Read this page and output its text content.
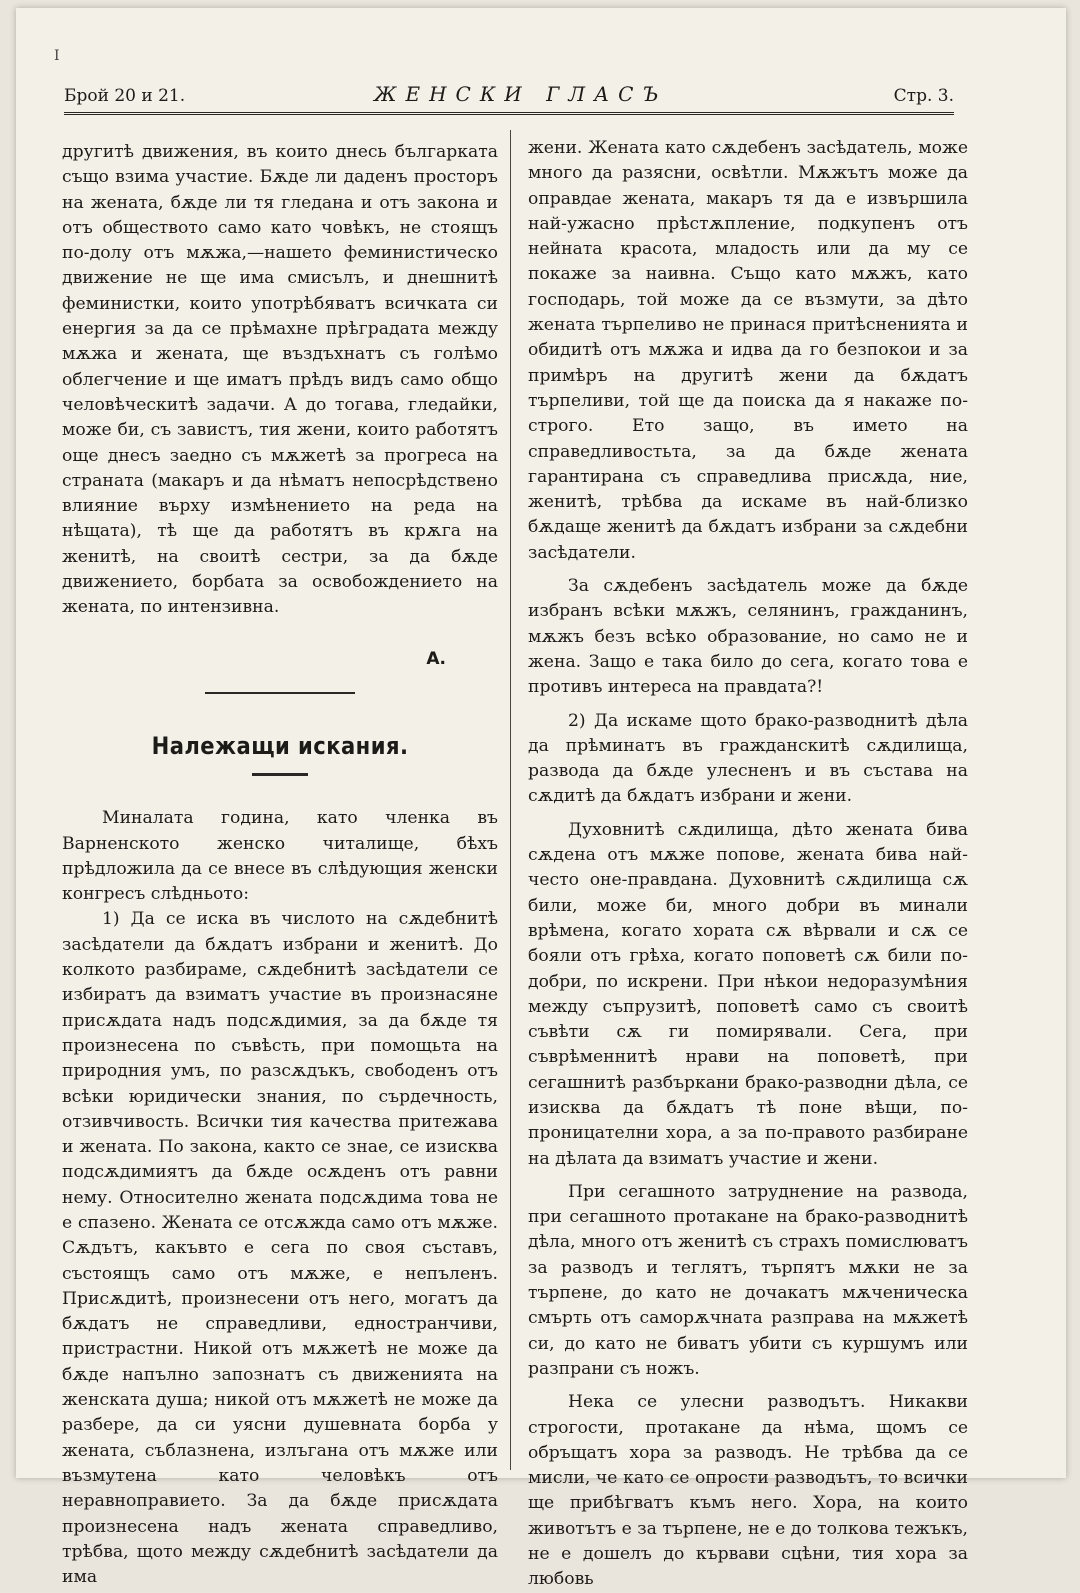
I
Брой 20 и 21.	ЖЕНСКИ ГЛАСЪ	Стр. 3.

другитѣ движения, въ които днесь българката също взима участие. Бѫде ли даденъ просторъ на жената, бѫде ли тя гледана и отъ закона и отъ обществото само като човѣкъ, не стоящъ по-долу отъ мѫжа,—нашето феминистическо движение не ще има смисълъ, и днешнитѣ феминистки, които употрѣбяватъ всичката си енергия за да се прѣмахне прѣградата между мѫжа и жената, ще въздъхнатъ съ голѣмо облегчение и ще иматъ прѣдъ видъ само общо человѣческитѣ задачи. А до тогава, гледайки, може би, съ завистъ, тия жени, които работятъ още днесъ заедно съ мѫжетѣ за прогреса на страната (макаръ и да нѣматъ непосрѣдствено влияние върху измѣнението на реда на нѣщата), тѣ ще да работятъ въ крѫга на женитѣ, на своитѣ сестри, за да бѫде движението, борбата за освобождението на жената, по интензивна.

А.
Належащи искания.

Миналата година, като членка въ Варненското женско читалище, бѣхъ прѣдложила да се внесе въ слѣдующия женски конгресъ слѣдньото:

1) Да се иска въ числото на сѫдебнитѣ засѣдатели да бѫдатъ избрани и женитѣ. До колкото разбираме, сѫдебнитѣ засѣдатели се избиратъ да взиматъ участие въ произнасяне присѫдата надъ подсѫдимия, за да бѫде тя произнесена по съвѣсть, при помощьта на природния умъ, по разсѫдъкъ, свободенъ отъ всѣки юридически знания, по сърдечность, отзивчивость. Всички тия качества притежава и жената. По закона, както се знае, се изисква подсѫдимиятъ да бѫде осѫденъ отъ равни нему. Относително жената подсѫдима това не е спазено. Жената се отсѫжда само отъ мѫже. Сѫдътъ, какъвто е сега по своя съставъ, състоящъ само отъ мѫже, е непъленъ. Присѫдитѣ, произнесени отъ него, могатъ да бѫдатъ не справедливи, едностранчиви, пристрастни. Никой отъ мѫжетѣ не може да бѫде напълно запознатъ съ движенията на женската душа; никой отъ мѫжетѣ не може да разбере, да си уясни душевната борба у жената, съблазнена, излъгана отъ мѫже или възмутена като человѣкъ отъ неравноправието. За да бѫде присѫдата произнесена надъ жената справедливо, трѣбва, щото между сѫдебнитѣ засѣдатели да има

жени. Жената като сѫдебенъ засѣдатель, може много да разясни, освѣтли. Мѫжътъ може да оправдае жената, макаръ тя да е извършила най-ужасно прѣстѫпление, подкупенъ отъ нейната красота, младость или да му се покаже за наивна. Също като мѫжъ, като господарь, той може да се възмути, за дѣто жената търпеливо не принася притѣсненията и обидитѣ отъ мѫжа и идва да го безпокои и за примѣръ на другитѣ жени да бѫдатъ търпеливи, той ще да поиска да я накаже по-строго. Ето защо, въ името на справедливостьта, за да бѫде жената гарантирана съ справедлива присѫда, ние, женитѣ, трѣбва да искаме въ най-близко бѫдаще женитѣ да бѫдатъ избрани за сѫдебни засѣдатели.

За сѫдебенъ засѣдатель може да бѫде избранъ всѣки мѫжъ, селянинъ, гражданинъ, мѫжъ безъ всѣко образование, но само не и жена. Защо е така било до сега, когато това е противъ интереса на правдата?!

2) Да искаме щото брако-разводнитѣ дѣла да прѣминатъ въ гражданскитѣ сѫдилища, развода да бѫде улесненъ и въ състава на сѫдитѣ да бѫдатъ избрани и жени.

Духовнитѣ сѫдилища, дѣто жената бива сѫдена отъ мѫже попове, жената бива най-често оне-правдана. Духовнитѣ сѫдилища сѫ били, може би, много добри въ минали врѣмена, когато хората сѫ вѣрвали и сѫ се бояли отъ грѣха, когато поповетѣ сѫ били по-добри, по искрени. При нѣкои недоразумѣния между съпрузитѣ, поповетѣ само съ своитѣ съвѣти сѫ ги помирявали. Сега, при съврѣменнитѣ нрави на поповетѣ, при сегашнитѣ разбъркани брако-разводни дѣла, се изисква да бѫдатъ тѣ поне вѣщи, по-проницателни хора, а за по-правото разбиране на дѣлата да взиматъ участие и жени.

При сегашното затруднение на развода, при сегашното протакане на брако-разводнитѣ дѣла, много отъ женитѣ съ страхъ помислюватъ за разводъ и теглятъ, търпятъ мѫки не за търпене, до като не дочакатъ мѫченическа смърть отъ саморѫчната разправа на мѫжетѣ си, до като не биватъ убити съ куршумъ или разпрани съ ножъ.

Нека се улесни разводътъ. Никакви строгости, протакане да нѣма, щомъ се обръщатъ хора за разводъ. Не трѣбва да се мисли, че като се опрости разводътъ, то всички ще прибѣгватъ къмъ него. Хора, на които животътъ е за търпене, не е до толкова тежъкъ, не е дошелъ до кървави сцѣни, тия хора за любовь
